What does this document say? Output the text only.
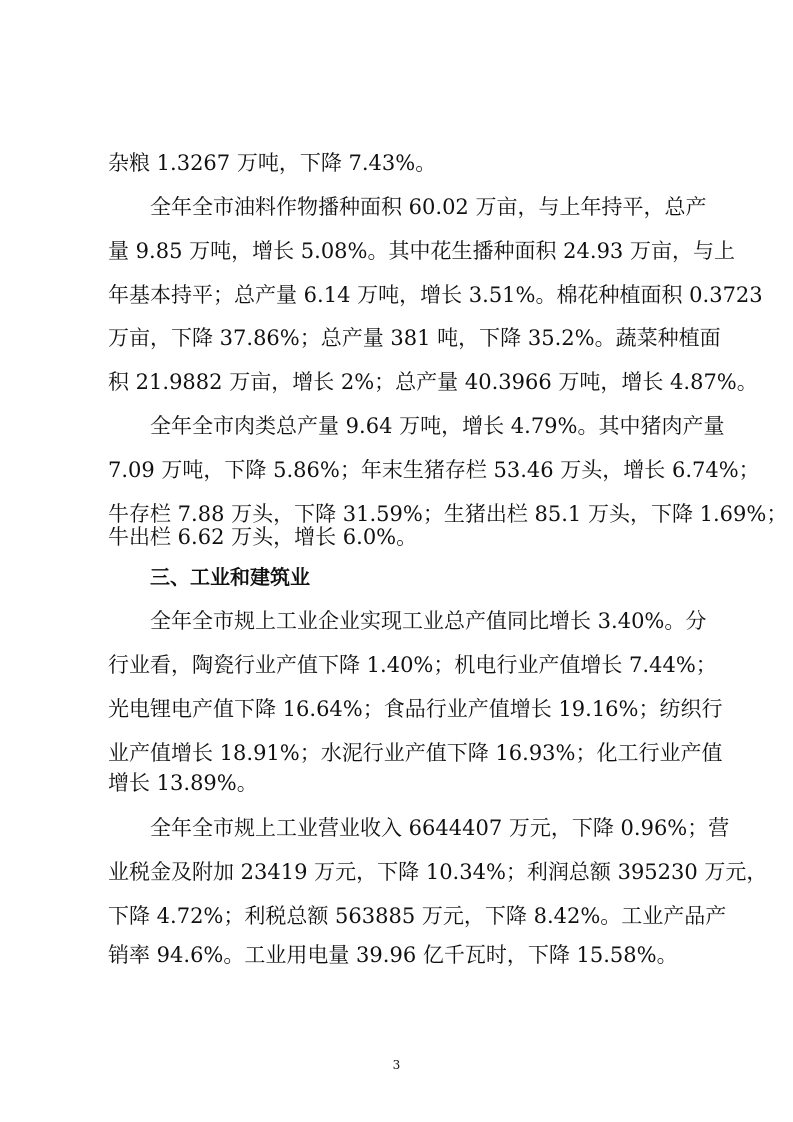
杂粮 1.3267 万吨，下降 7.43%。
全年全市油料作物播种面积 60.02 万亩，与上年持平，总产
量 9.85 万吨，增长 5.08%。其中花生播种面积 24.93 万亩，与上
年基本持平；总产量 6.14 万吨，增长 3.51%。棉花种植面积 0.3723
万亩，下降 37.86%；总产量 381 吨，下降 35.2%。蔬菜种植面
积 21.9882 万亩，增长 2%；总产量 40.3966 万吨，增长 4.87%。
全年全市肉类总产量 9.64 万吨，增长 4.79%。其中猪肉产量
7.09 万吨，下降 5.86%；年末生猪存栏 53.46 万头，增长 6.74%；
牛存栏 7.88 万头，下降 31.59%；生猪出栏 85.1 万头，下降 1.69%；
牛出栏 6.62 万头，增长 6.0%。
三、工业和建筑业
全年全市规上工业企业实现工业总产值同比增长 3.40%。分
行业看，陶瓷行业产值下降 1.40%；机电行业产值增长 7.44%；
光电锂电产值下降 16.64%；食品行业产值增长 19.16%；纺织行
业产值增长 18.91%；水泥行业产值下降 16.93%；化工行业产值
增长 13.89%。
全年全市规上工业营业收入 6644407 万元，下降 0.96%；营
业税金及附加 23419 万元，下降 10.34%；利润总额 395230 万元，
下降 4.72%；利税总额 563885 万元，下降 8.42%。工业产品产
销率 94.6%。工业用电量 39.96 亿千瓦时，下降 15.58%。
3
